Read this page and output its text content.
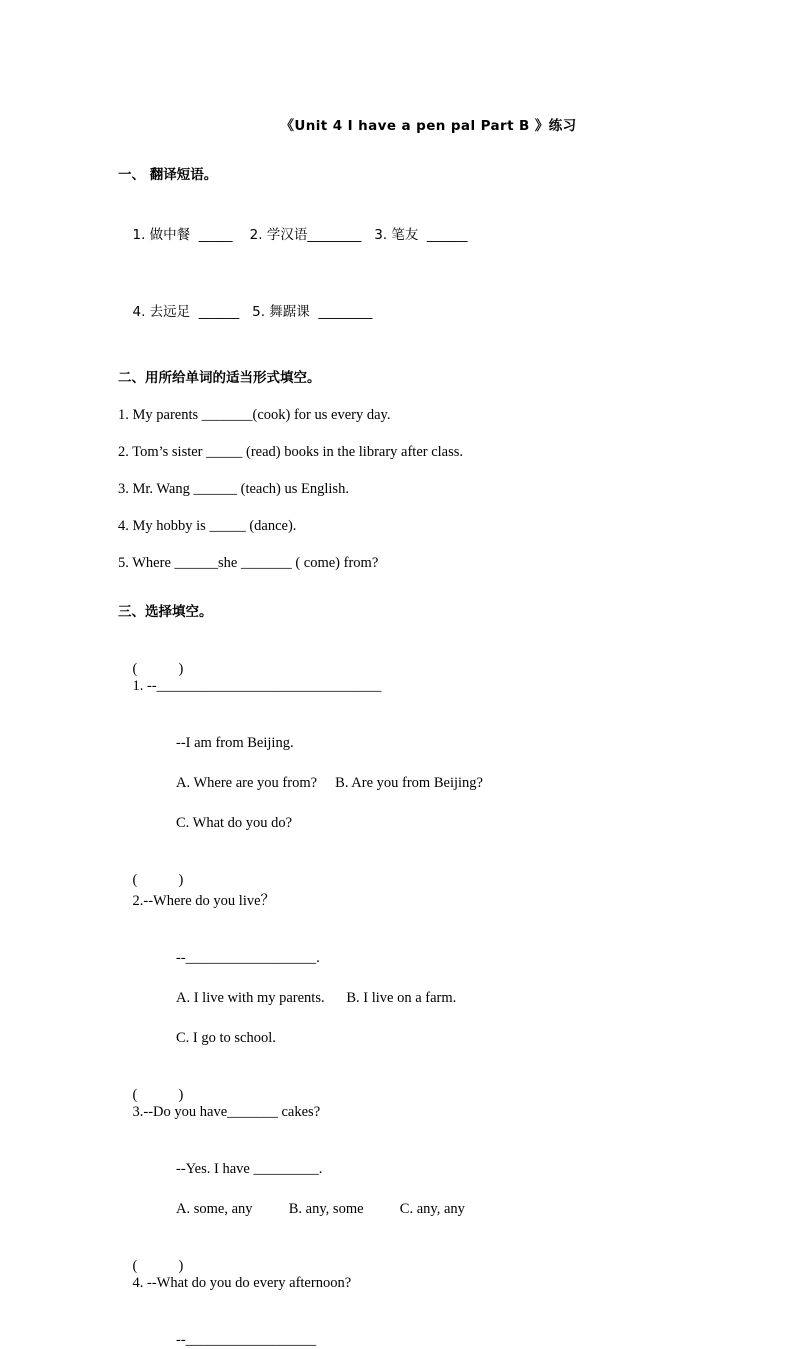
《Unit 4 I have a pen pal Part B 》练习
一、 翻译短语。

1. 做中餐  _____    2. 学汉语________   3. 笔友  ______

4. 去远足  ______   5. 舞踞课  ________

二、用所给单词的适当形式填空。
1. My parents _______(cook) for us every day.
2. Tom’s sister _____ (read) books in the library after class.
3. Mr. Wang ______ (teach) us English.
4. My hobby is _____ (dance).
5. Where ______she _______ ( come) from?
三、选择填空。

(	)
1. --_______________________________

--I am from Beijing.
A. Where are you from?     B. Are you from Beijing?
C. What do you do?

(	)
2.--Where do you live？

--__________________.
A. I live with my parents.      B. I live on a farm.
C. I go to school.

(	)
3.--Do you have_______ cakes?

--Yes. I have _________.
A. some, any          B. any, some          C. any, any

(	)
4. --What do you do every afternoon?

--__________________
